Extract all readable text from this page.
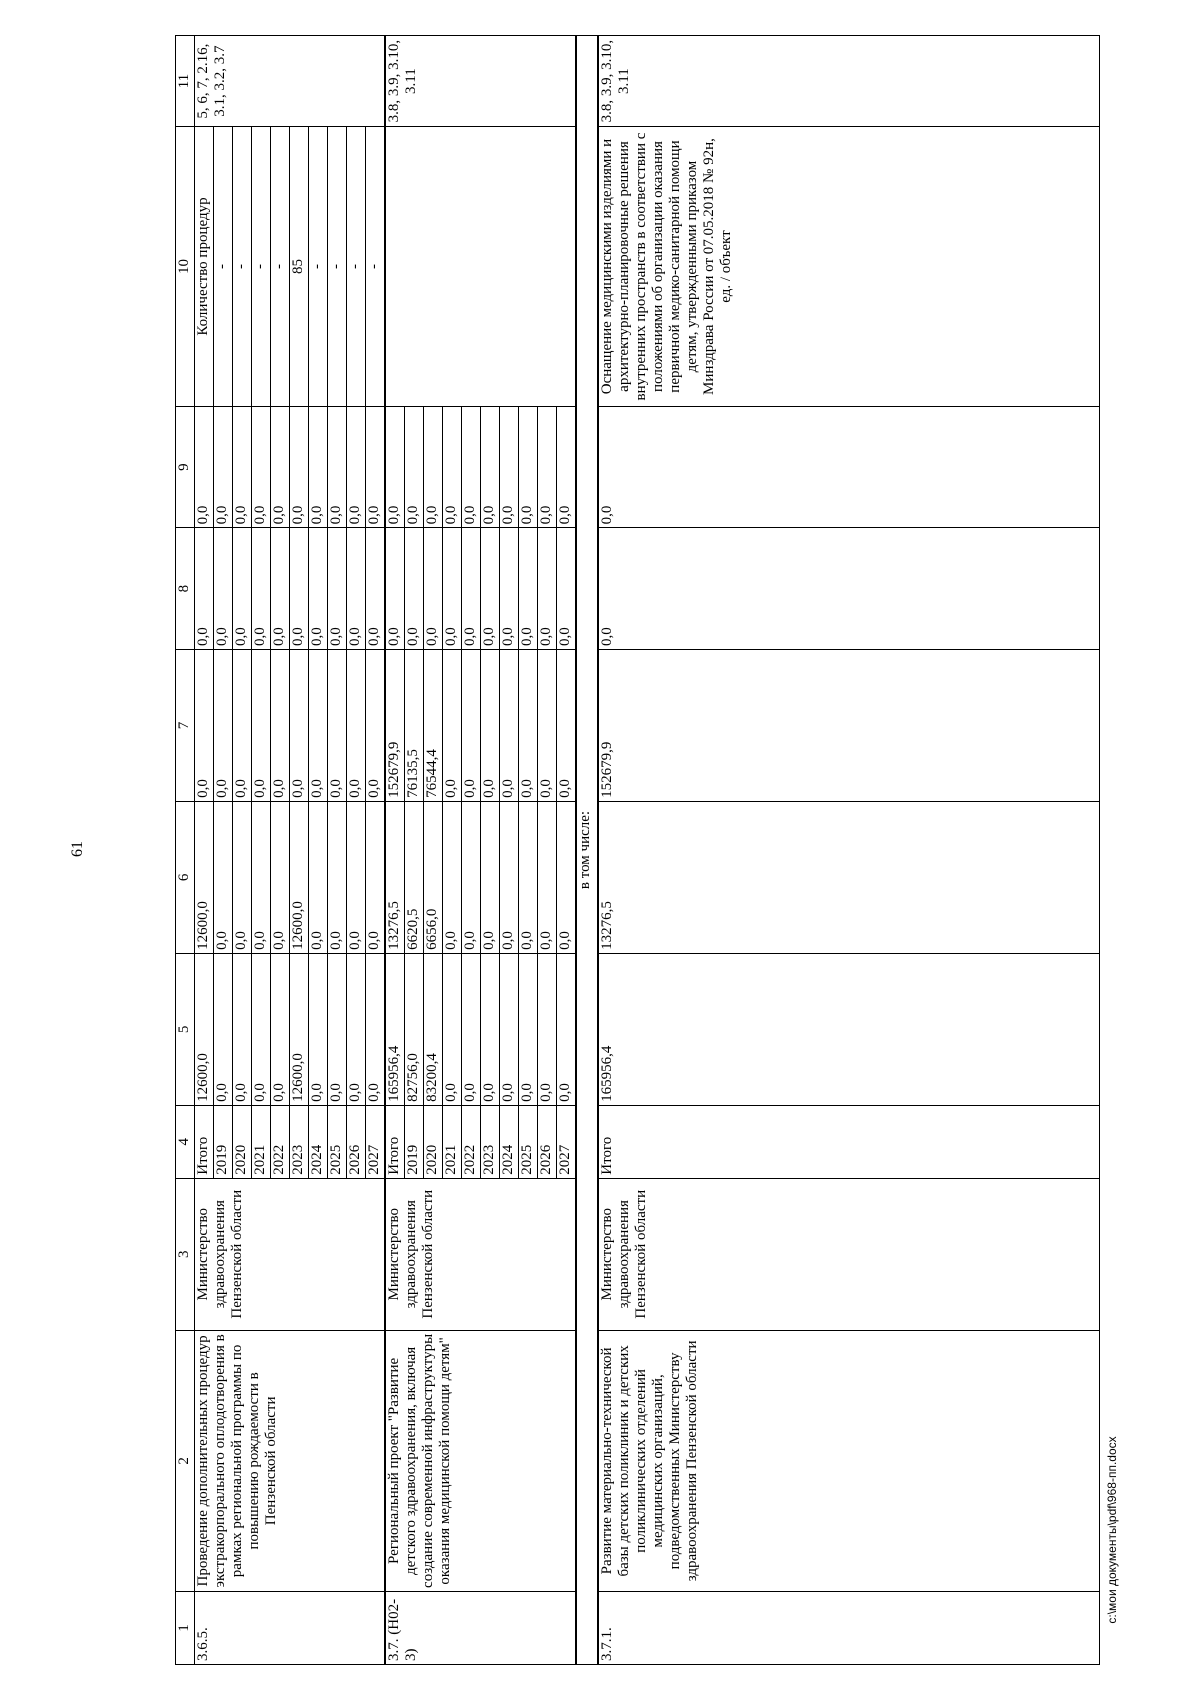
61
c:\мои документы\pdf\968-пп.docx
1	2	3	4	5	6	7	8	9	10	11
3.6.5.	Проведение дополнительных процедур экстракорпорального оплодотворения в рамках региональной программы по повышению рождаемости в Пензенской области	Министерство здравоохранения Пензенской области	Итого	12600,0	12600,0	0,0	0,0	0,0	Количество процедур	5, 6, 7, 2.16, 3.1, 3.2, 3.7
			2019	0,0	0,0	0,0	0,0	0,0	-	
			2020	0,0	0,0	0,0	0,0	0,0	-	
			2021	0,0	0,0	0,0	0,0	0,0	-	
			2022	0,0	0,0	0,0	0,0	0,0	-	
			2023	12600,0	12600,0	0,0	0,0	0,0	85	
			2024	0,0	0,0	0,0	0,0	0,0	-	
			2025	0,0	0,0	0,0	0,0	0,0	-	
			2026	0,0	0,0	0,0	0,0	0,0	-	
			2027	0,0	0,0	0,0	0,0	0,0	-	
3.7. (Н02-3)	Региональный проект "Развитие детского здравоохранения, включая создание современной инфраструктуры оказания медицинской помощи детям"	Министерство здравоохранения Пензенской области	Итого	165956,4	13276,5	152679,9	0,0	0,0		3.8, 3.9, 3.10, 3.11
			2019	82756,0	6620,5	76135,5	0,0	0,0		
			2020	83200,4	6656,0	76544,4	0,0	0,0		
			2021	0,0	0,0	0,0	0,0	0,0		
			2022	0,0	0,0	0,0	0,0	0,0		
			2023	0,0	0,0	0,0	0,0	0,0		
			2024	0,0	0,0	0,0	0,0	0,0		
			2025	0,0	0,0	0,0	0,0	0,0		
			2026	0,0	0,0	0,0	0,0	0,0		
			2027	0,0	0,0	0,0	0,0	0,0		
в том числе:										
3.7.1.	Развитие материально-технической базы детских поликлиник и детских поликлинических отделений медицинских организаций, подведомственных Министерству здравоохранения Пензенской области	Министерство здравоохранения Пензенской области	Итого	165956,4	13276,5	152679,9	0,0	0,0	Оснащение медицинскими изделиями и архитектурно-планировочные решения внутренних пространств в соответствии с положениями об организации оказания первичной медико-санитарной помощи детям, утвержденными приказом Минздрава России от 07.05.2018 № 92н, ед. / объект	3.8, 3.9, 3.10, 3.11
